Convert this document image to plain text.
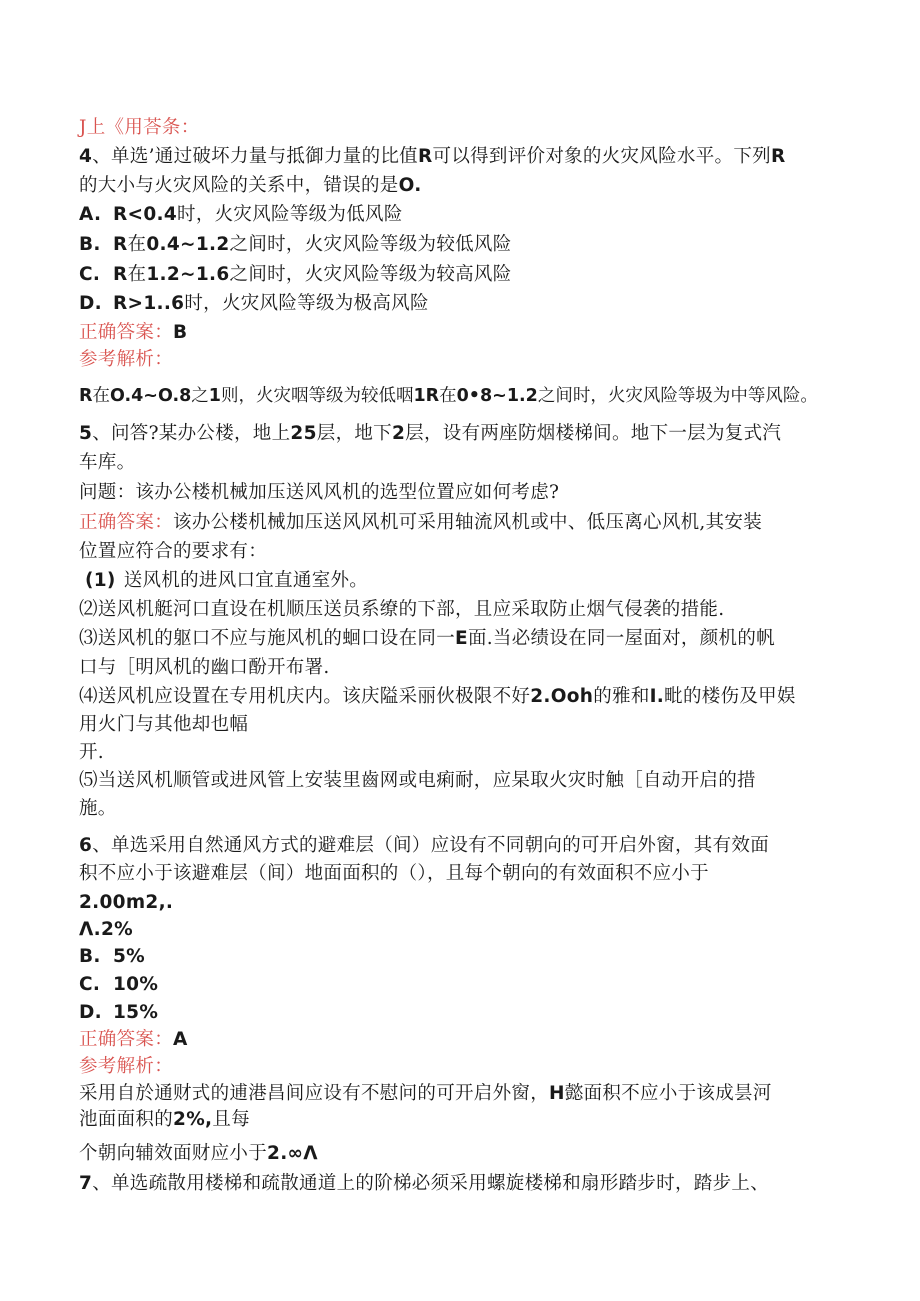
J上《用荅条：
4、单选’通过破坏力量与抵御力量的比值R可以得到评价对象的火灾风险水平。下列R
的大小与火灾风险的关系中，错误的是O.
A. R<0.4时，火灾风险等级为低风险
B. R在0.4~1.2之间时，火灾风险等级为较低风险
C. R在1.2~1.6之间时，火灾风险等级为较高风险
D. R>1..6时，火灾风险等级为极高风险
正确答案：B
参考解析：
R在O.4~O.8之1则，火灾咽等级为较低咽1R在0•8~1.2之间时，火灾风险等圾为中等风险。
5、问答?某办公楼，地上25层，地下2层，设有两座防烟楼梯间。地下一层为复式汽
车库。
问题：该办公楼机械加压送风风机的选型位置应如何考虑?
正确答案：该办公楼机械加压送风风机可采用轴流风机或中、低压离心风机,其安装
位置应符合的要求有：
(1) 送风机的进风口宜直通室外。
⑵送风机艇河口直设在机顺压送员系缭的下部，且应采取防止烟气侵袭的措能.
⑶送风机的躯口不应与施风机的蛔口设在同一E面.当必绩设在同一屋面对，颜机的帆
口与［明风机的幽口酚开布署.
⑷送风机应设置在专用机庆内。该庆隘采丽伙极限不好2.Ooh的雅和I.毗的楼伤及甲娱
用火门与其他却也幅
开.
⑸当送风机顺管或进风管上安装里齒网或电痢耐，应杲取火灾时触［自动开启的措
施。
6、单选采用自然通风方式的避难层（间）应设有不同朝向的可开启外窗，其有效面
积不应小于该避难层（间）地面面积的（），且每个朝向的有效面积不应小于
2.00m2,.
Λ.2%
B. 5%
C. 10%
D. 15%
正确答案：A
参考解析：
采用自於通财式的逋港昌间应设有不慰问的可开启外窗，H懿面积不应小于该成昙河
池面面积的2%,且每
个朝向辅效面财应小于2.∞Λ
7、单选疏散用楼梯和疏散通道上的阶梯必须采用螺旋楼梯和扇形踏步时，踏步上、
